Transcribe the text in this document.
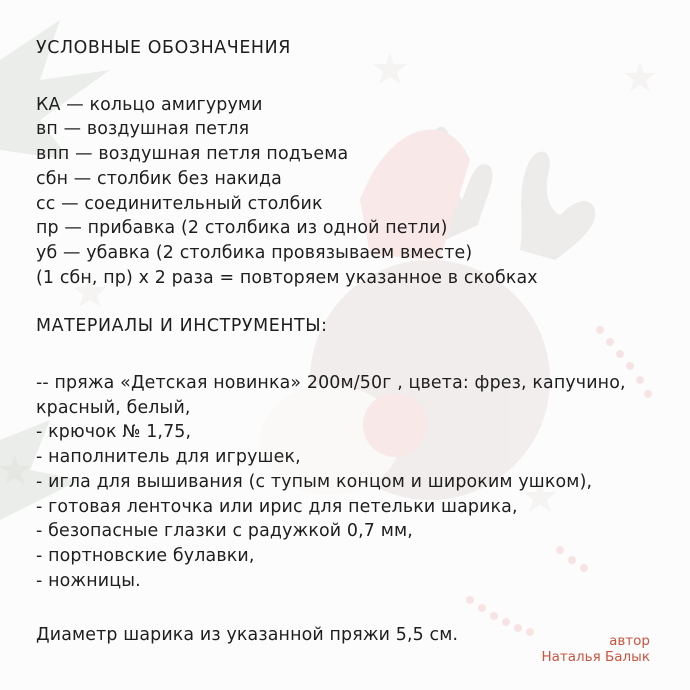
УСЛОВНЫЕ ОБОЗНАЧЕНИЯ
КА — кольцо амигуруми
вп — воздушная петля
впп — воздушная петля подъема
сбн — столбик без накида
сс — соединительный столбик
пр — прибавка (2 столбика из одной петли)
уб — убавка (2 столбика провязываем вместе)
(1 сбн, пр) х 2 раза = повторяем указанное в скобках
МАТЕРИАЛЫ И ИНСТРУМЕНТЫ:
-- пряжа «Детская новинка» 200м/50г , цвета: фрез, капучино,
красный, белый,
- крючок № 1,75,
- наполнитель для игрушек,
- игла для вышивания (с тупым концом и широким ушком),
- готовая ленточка или ирис для петельки шарика,
- безопасные глазки с радужкой 0,7 мм,
- портновские булавки,
- ножницы.
Диаметр шарика из указанной пряжи 5,5 см.	автор
Наталья Балык
